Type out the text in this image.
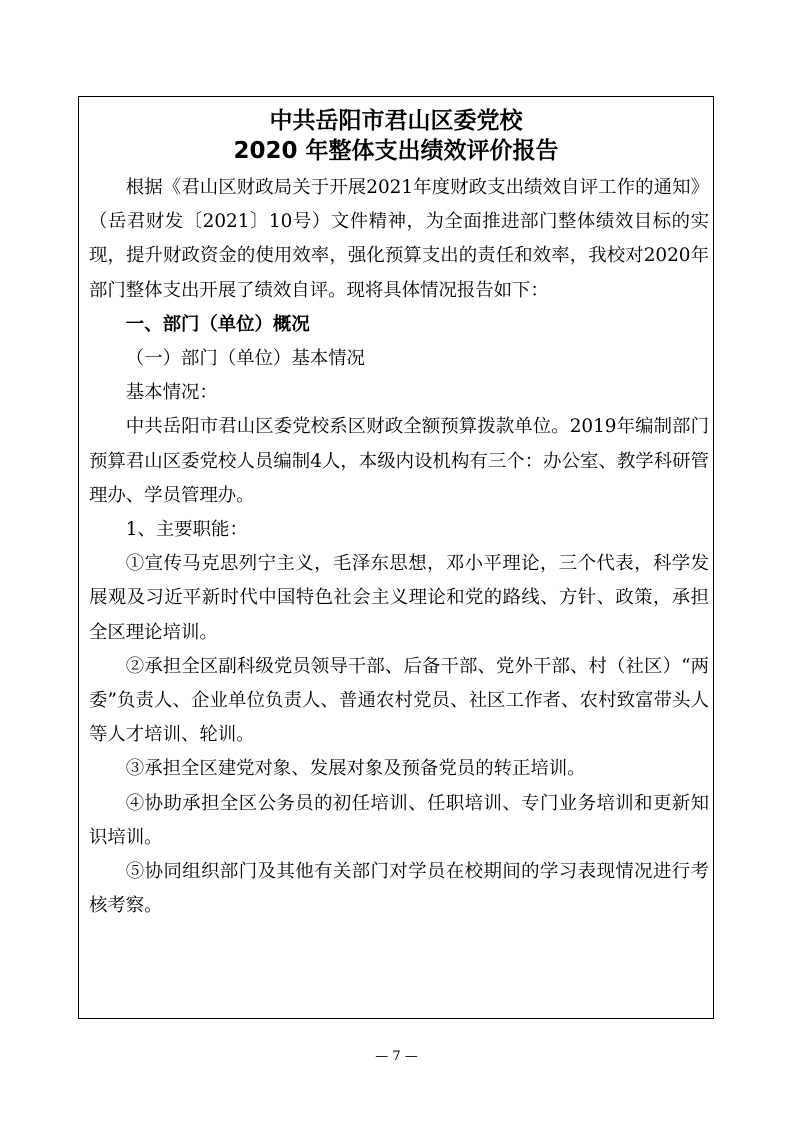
中共岳阳市君山区委党校
2020 年整体支出绩效评价报告

根据《君山区财政局关于开展2021年度财政支出绩效自评工作的通知》（岳君财发〔2021〕10号）文件精神，为全面推进部门整体绩效目标的实现，提升财政资金的使用效率，强化预算支出的责任和效率，我校对2020年部门整体支出开展了绩效自评。现将具体情况报告如下：

一、部门（单位）概况

（一）部门（单位）基本情况

基本情况：

中共岳阳市君山区委党校系区财政全额预算拨款单位。2019年编制部门预算君山区委党校人员编制4人，本级内设机构有三个：办公室、教学科研管理办、学员管理办。

1、主要职能：

①宣传马克思列宁主义，毛泽东思想，邓小平理论，三个代表，科学发展观及习近平新时代中国特色社会主义理论和党的路线、方针、政策，承担全区理论培训。

②承担全区副科级党员领导干部、后备干部、党外干部、村（社区）“两委”负责人、企业单位负责人、普通农村党员、社区工作者、农村致富带头人等人才培训、轮训。

③承担全区建党对象、发展对象及预备党员的转正培训。

④协助承担全区公务员的初任培训、任职培训、专门业务培训和更新知识培训。

⑤协同组织部门及其他有关部门对学员在校期间的学习表现情况进行考核考察。

— 7 —
